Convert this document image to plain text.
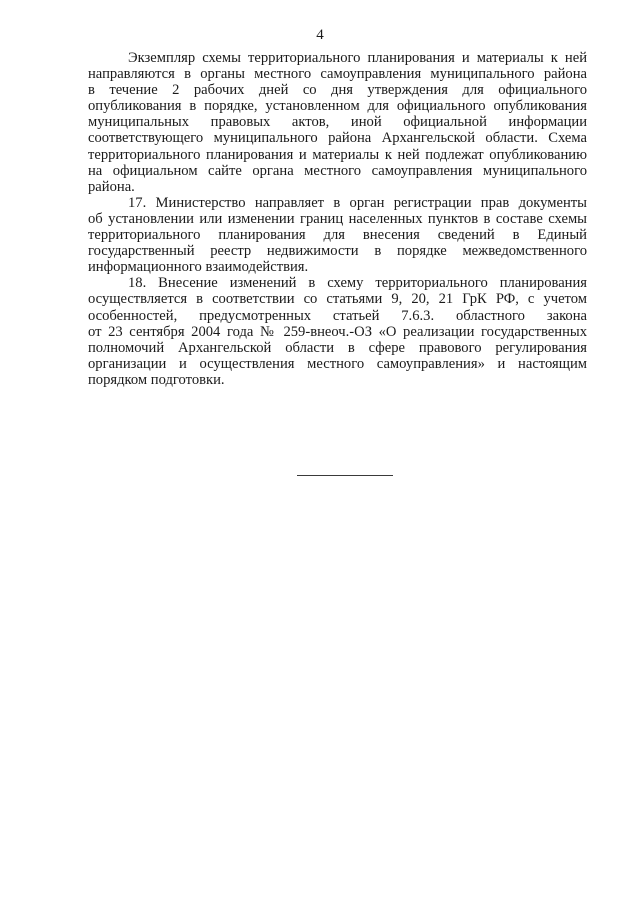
4
Экземпляр схемы территориального планирования и материалы к ней
направляются в органы местного самоуправления муниципального района
в течение 2 рабочих дней со дня утверждения для официального
опубликования в порядке, установленном для официального опубликования
муниципальных правовых актов, иной официальной информации
соответствующего муниципального района Архангельской области. Схема
территориального планирования и материалы к ней подлежат опубликованию
на официальном сайте органа местного самоуправления муниципального
района.
17. Министерство направляет в орган регистрации прав документы
об установлении или изменении границ населенных пунктов в составе схемы
территориального планирования для внесения сведений в Единый
государственный реестр недвижимости в порядке межведомственного
информационного взаимодействия.
18. Внесение изменений в схему территориального планирования
осуществляется в соответствии со статьями 9, 20, 21 ГрК РФ, с учетом
особенностей, предусмотренных статьей 7.6.3. областного закона
от 23 сентября 2004 года № 259-внеоч.-ОЗ «О реализации государственных
полномочий Архангельской области в сфере правового регулирования
организации и осуществления местного самоуправления» и настоящим
порядком подготовки.
